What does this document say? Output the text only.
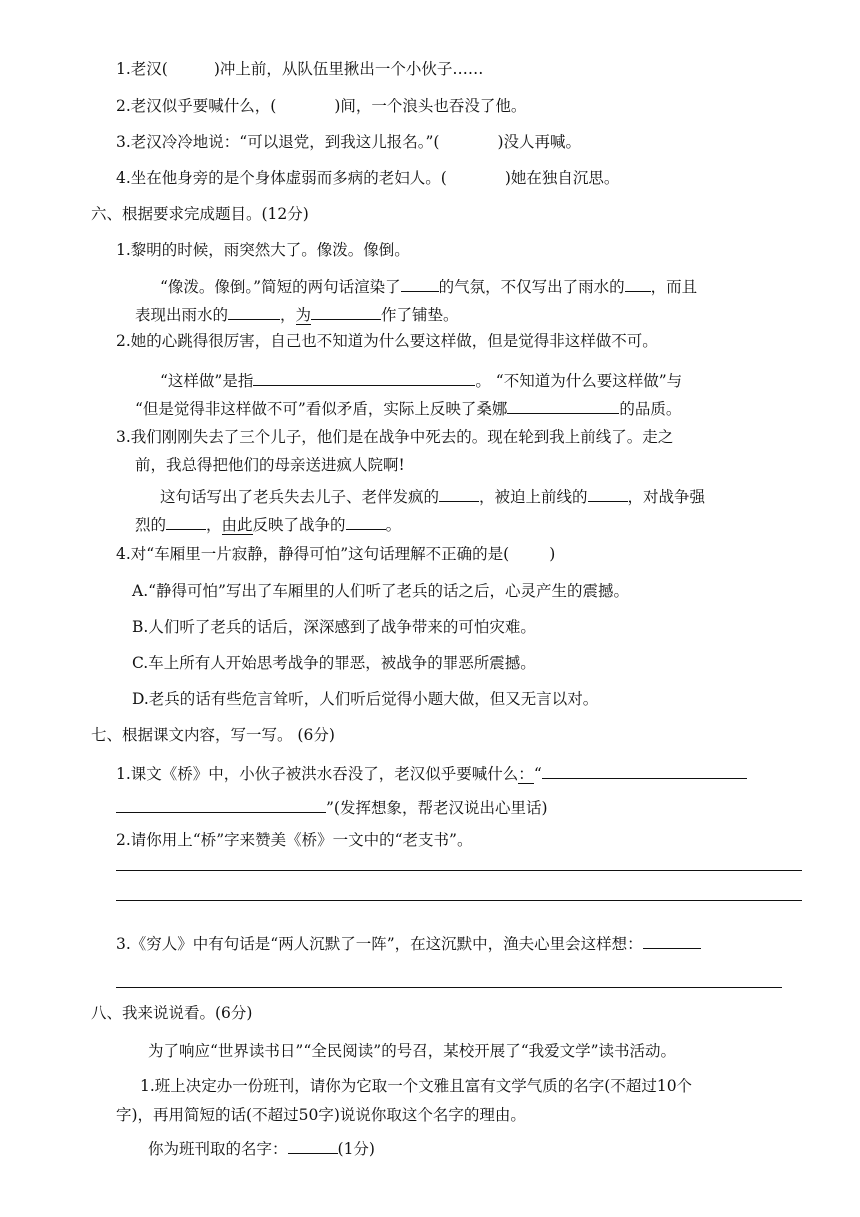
1.老汉(	)冲上前，从队伍里揪出一个小伙子……
2.老汉似乎要喊什么，(	)间，一个浪头也吞没了他。
3.老汉冷冷地说：“可以退党，到我这儿报名。”(	)没人再喊。
4.坐在他身旁的是个身体虚弱而多病的老妇人。(	)她在独自沉思。
六、根据要求完成题目。(12分)
1.黎明的时候，雨突然大了。像泼。像倒。
“像泼。像倒。”简短的两句话渲染了 的气氛，不仅写出了雨水的 ，而且
表现出雨水的	，为	作了铺垫。
2.她的心跳得很厉害，自己也不知道为什么要这样做，但是觉得非这样做不可。
“这样做”是指	。 “不知道为什么要这样做”与
“但是觉得非这样做不可”看似矛盾，实际上反映了桑娜	的品质。
3.我们刚刚失去了三个儿子，他们是在战争中死去的。现在轮到我上前线了。走之
前，我总得把他们的母亲送进疯人院啊!
这句话写出了老兵失去儿子、老伴发疯的	，被迫上前线的	，对战争强
烈的	，由此反映了战争的	。
4.对“车厢里一片寂静，静得可怕”这句话理解不正确的是(	)
A.“静得可怕”写出了车厢里的人们听了老兵的话之后，心灵产生的震撼。
B.人们听了老兵的话后，深深感到了战争带来的可怕灾难。
C.车上所有人开始思考战争的罪恶，被战争的罪恶所震撼。
D.老兵的话有些危言耸听，人们听后觉得小题大做，但又无言以对。
七、根据课文内容，写一写。 (6分)
1.课文《桥》中，小伙子被洪水吞没了，老汉似乎要喊什么：“
”(发挥想象，帮老汉说出心里话)
2.请你用上“桥”字来赞美《桥》一文中的“老支书”。
3.《穷人》中有句话是“两人沉默了一阵”，在这沉默中，渔夫心里会这样想：
八、我来说说看。(6分)
为了响应“世界读书日”“全民阅读”的号召，某校开展了“我爱文学”读书活动。
1.班上决定办一份班刊，请你为它取一个文雅且富有文学气质的名字(不超过10个
字)，再用简短的话(不超过50字)说说你取这个名字的理由。
你为班刊取的名字：	(1分)
